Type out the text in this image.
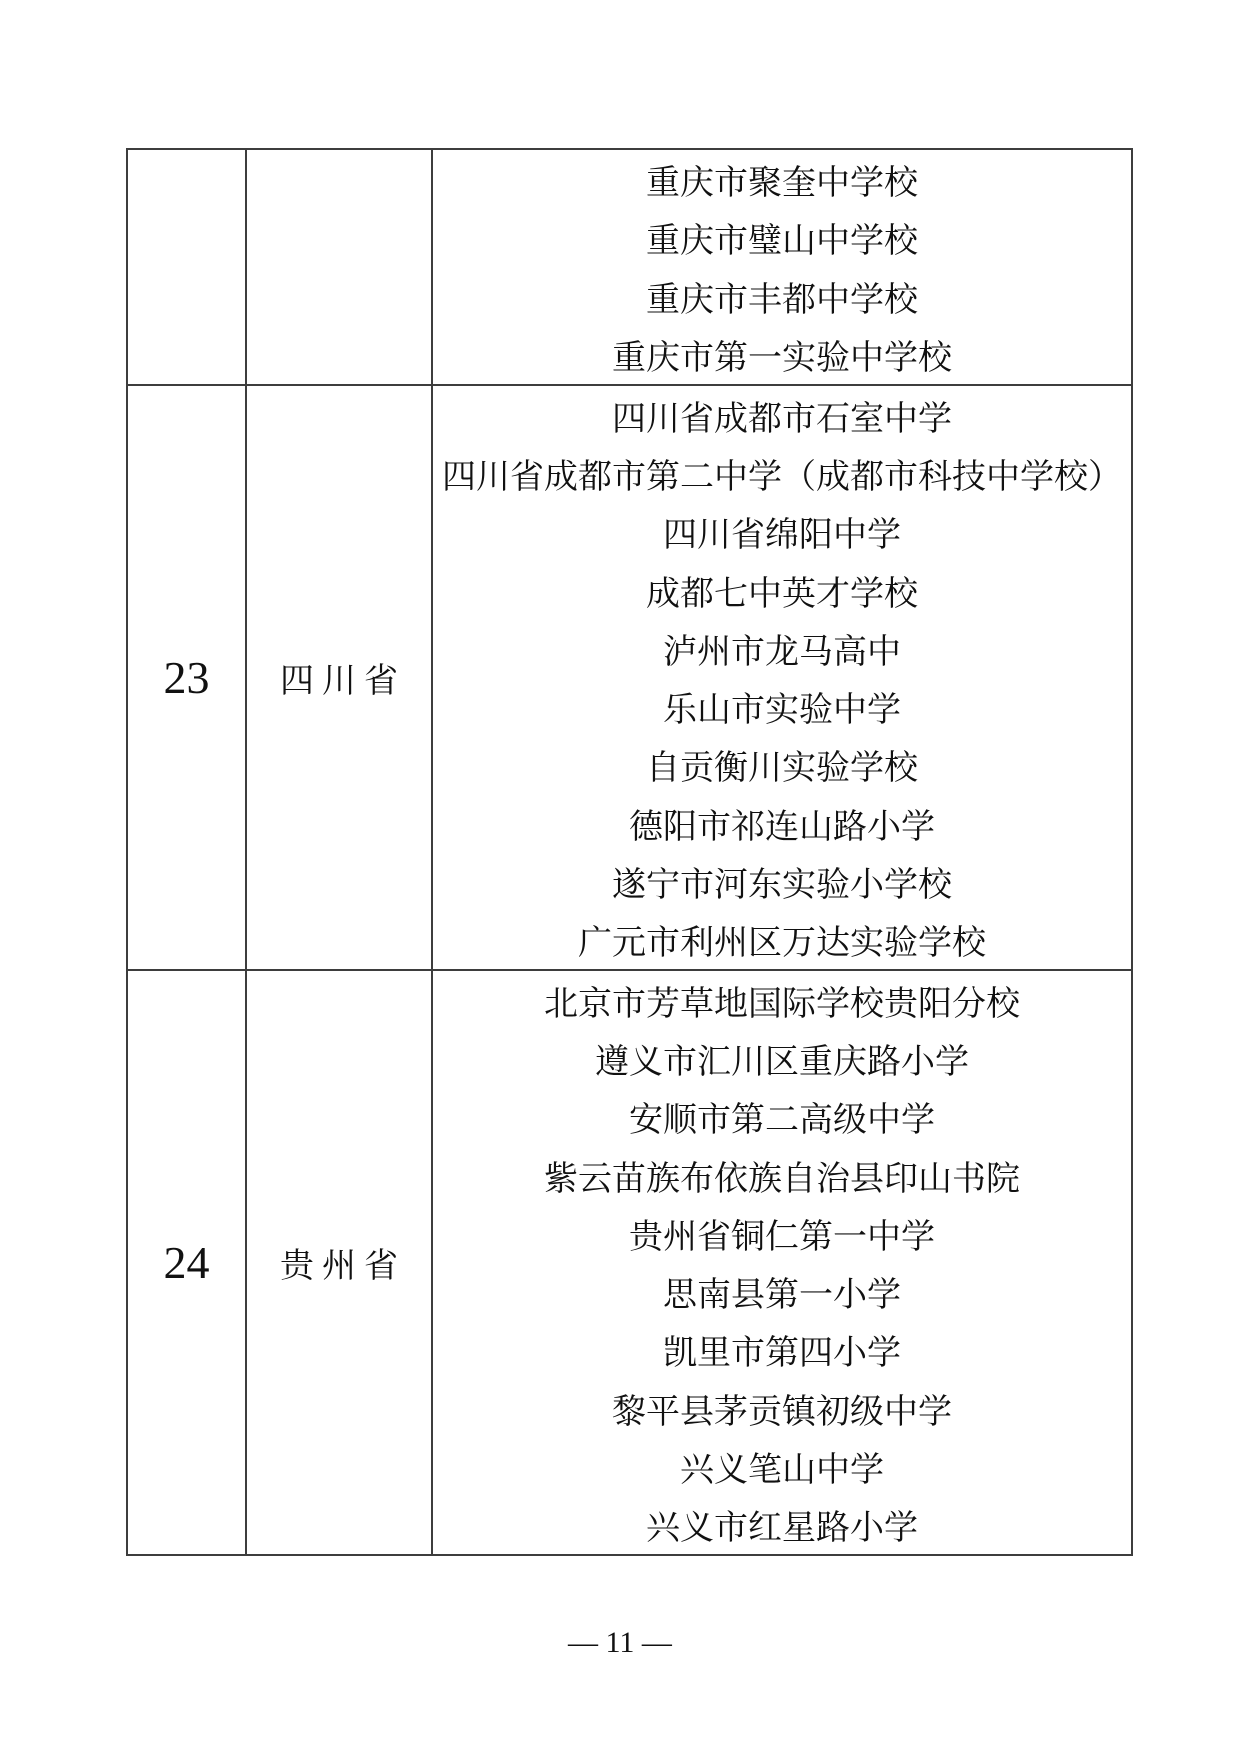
重庆市聚奎中学校
重庆市璧山中学校
重庆市丰都中学校
重庆市第一实验中学校
23	四川省
四川省成都市石室中学
四川省成都市第二中学（成都市科技中学校）
四川省绵阳中学
成都七中英才学校
泸州市龙马高中
乐山市实验中学
自贡衡川实验学校
德阳市祁连山路小学
遂宁市河东实验小学校
广元市利州区万达实验学校
24	贵州省
北京市芳草地国际学校贵阳分校
遵义市汇川区重庆路小学
安顺市第二高级中学
紫云苗族布依族自治县印山书院
贵州省铜仁第一中学
思南县第一小学
凯里市第四小学
黎平县茅贡镇初级中学
兴义笔山中学
兴义市红星路小学
— 11 —
